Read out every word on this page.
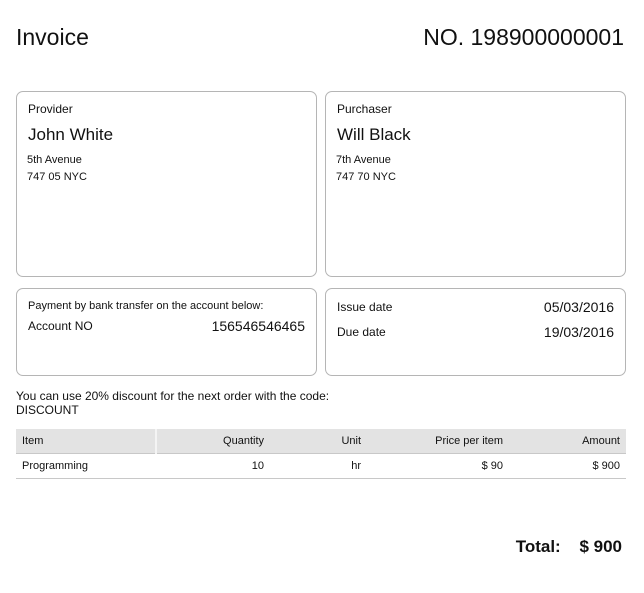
Invoice	NO. 198900000001
Provider
John White
5th Avenue
747 05 NYC
Purchaser
Will Black
7th Avenue
747 70 NYC
Payment by bank transfer on the account below:
Account NO	156546546465
Issue date	05/03/2016
Due date	19/03/2016
You can use 20% discount for the next order with the code:
DISCOUNT
Item	Quantity	Unit	Price per item	Amount
Programming	10	hr	$ 90	$ 900
Total: $ 900
